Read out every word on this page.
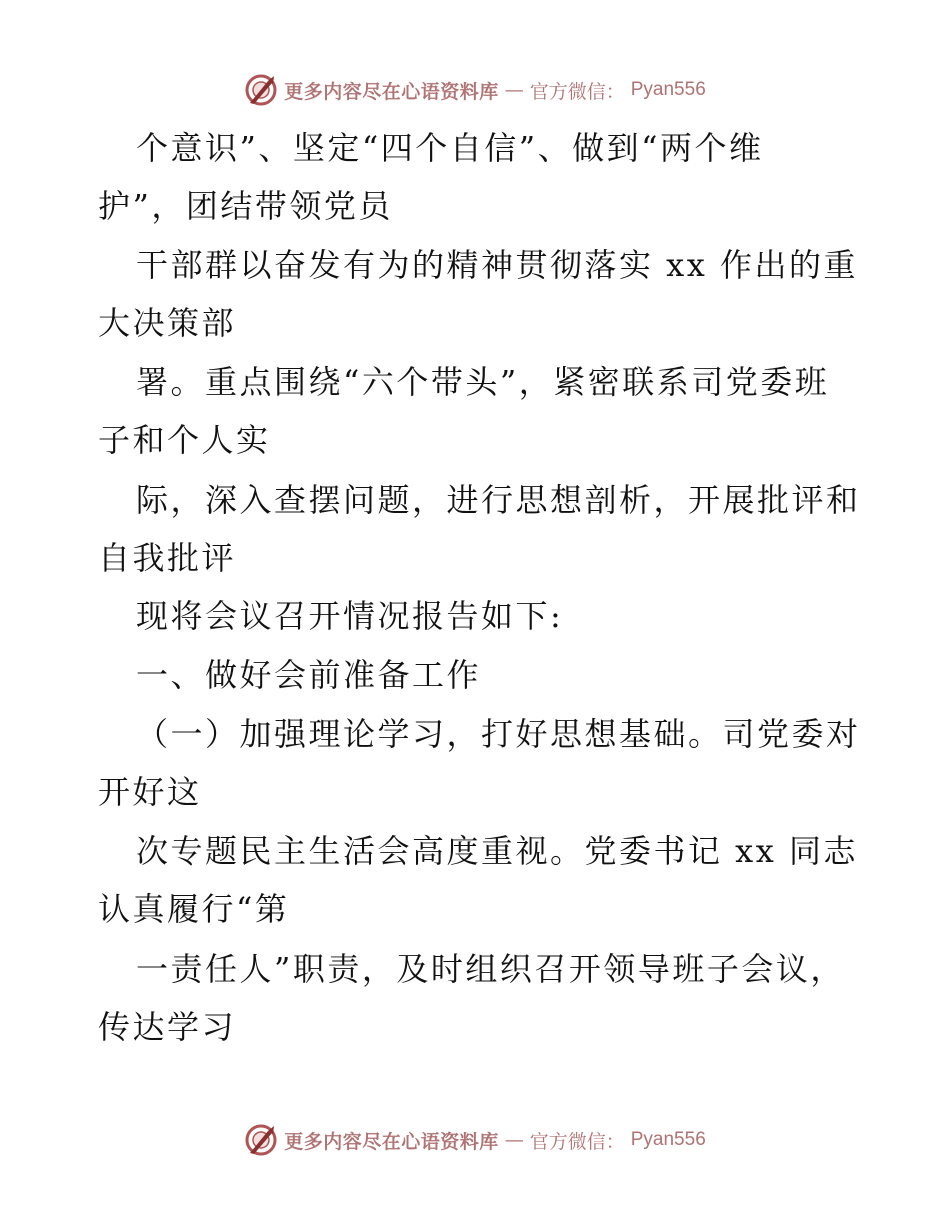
更多内容尽在心语资料库 — 官方微信： Pyan556
个意识”、坚定“四个自信”、做到“两个维
护”，团结带领党员
干部群以奋发有为的精神贯彻落实 xx 作出的重
大决策部
署。重点围绕“六个带头”，紧密联系司党委班
子和个人实
际，深入查摆问题，进行思想剖析，开展批评和
自我批评
现将会议召开情况报告如下:
一、做好会前准备工作
（一）加强理论学习，打好思想基础。司党委对
开好这
次专题民主生活会高度重视。党委书记 xx 同志
认真履行“第
一责任人”职责，及时组织召开领导班子会议，
传达学习
更多内容尽在心语资料库 — 官方微信： Pyan556
